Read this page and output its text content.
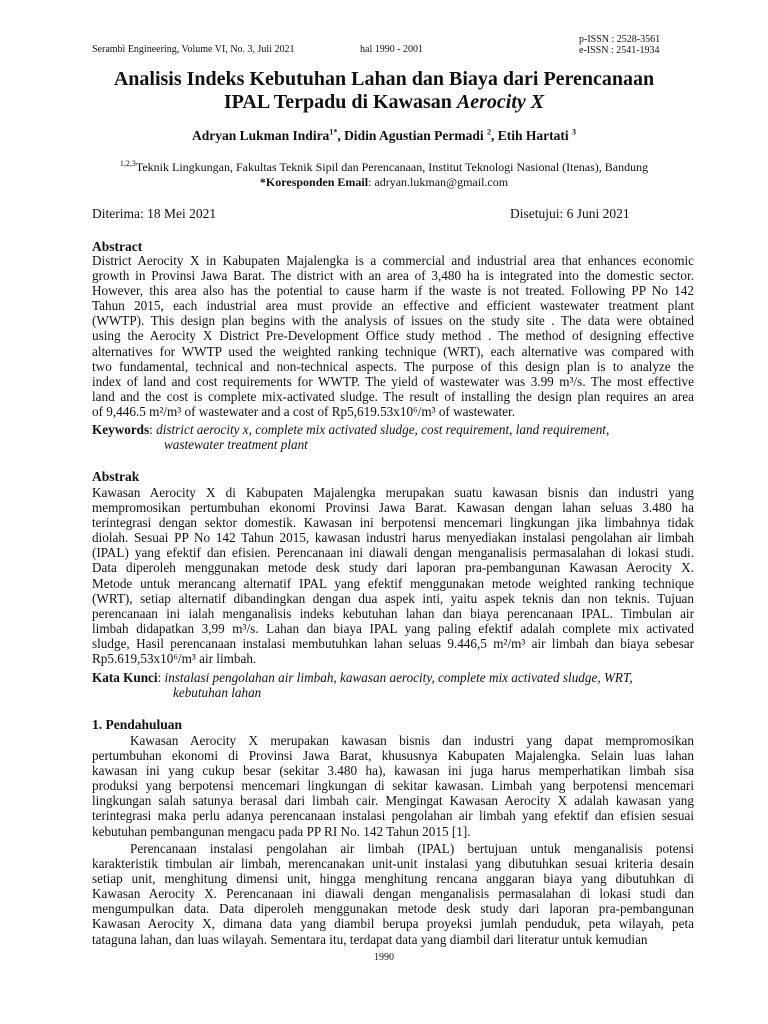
Serambi Engineering, Volume VI, No. 3, Juli 2021	hal 1990 - 2001
p-ISSN : 2528-3561
e-ISSN : 2541-1934
Analisis Indeks Kebutuhan Lahan dan Biaya dari Perencanaan
IPAL Terpadu di Kawasan Aerocity X
Adryan Lukman Indira$^{1*}$, Didin Agustian Permadi $^2$, Etih Hartati $^3$
$^{1,2,3}$Teknik Lingkungan, Fakultas Teknik Sipil dan Perencanaan, Institut Teknologi Nasional (Itenas), Bandung
*Koresponden Email: adryan.lukman@gmail.com
Diterima: 18 Mei 2021	Disetujui: 6 Juni 2021
Abstract
District Aerocity X in Kabupaten Majalengka is a commercial and industrial area that enhances economic
growth in Provinsi Jawa Barat. The district with an area of 3,480 ha is integrated into the domestic sector.
However, this area also has the potential to cause harm if the waste is not treated. Following PP No 142
Tahun 2015, each industrial area must provide an effective and efficient wastewater treatment plant
(WWTP). This design plan begins with the analysis of issues on the study site . The data were obtained
using the Aerocity X District Pre-Development Office study method . The method of designing effective
alternatives for WWTP used the weighted ranking technique (WRT), each alternative was compared with
two fundamental, technical and non-technical aspects. The purpose of this design plan is to analyze the
index of land and cost requirements for WWTP. The yield of wastewater was 3.99 m³/s. The most effective
land and the cost is complete mix-activated sludge. The result of installing the design plan requires an area
of 9,446.5 m²/m³ of wastewater and a cost of Rp5,619.53x10⁶/m³ of wastewater.
Keywords: district aerocity x, complete mix activated sludge, cost requirement, land requirement,
wastewater treatment plant
Abstrak
Kawasan Aerocity X di Kabupaten Majalengka merupakan suatu kawasan bisnis dan industri yang
mempromosikan pertumbuhan ekonomi Provinsi Jawa Barat. Kawasan dengan lahan seluas 3.480 ha
terintegrasi dengan sektor domestik. Kawasan ini berpotensi mencemari lingkungan jika limbahnya tidak
diolah. Sesuai PP No 142 Tahun 2015, kawasan industri harus menyediakan instalasi pengolahan air limbah
(IPAL) yang efektif dan efisien. Perencanaan ini diawali dengan menganalisis permasalahan di lokasi studi.
Data diperoleh menggunakan metode desk study dari laporan pra-pembangunan Kawasan Aerocity X.
Metode untuk merancang alternatif IPAL yang efektif menggunakan metode weighted ranking technique
(WRT), setiap alternatif dibandingkan dengan dua aspek inti, yaitu aspek teknis dan non teknis. Tujuan
perencanaan ini ialah menganalisis indeks kebutuhan lahan dan biaya perencanaan IPAL. Timbulan air
limbah didapatkan 3,99 m³/s. Lahan dan biaya IPAL yang paling efektif adalah complete mix activated
sludge, Hasil perencanaan instalasi membutuhkan lahan seluas 9.446,5 m²/m³ air limbah dan biaya sebesar
Rp5.619,53x10⁶/m³ air limbah.
Kata Kunci: instalasi pengolahan air limbah, kawasan aerocity, complete mix activated sludge, WRT,
kebutuhan lahan
1. Pendahuluan
Kawasan Aerocity X merupakan kawasan bisnis dan industri yang dapat mempromosikan
pertumbuhan ekonomi di Provinsi Jawa Barat, khususnya Kabupaten Majalengka. Selain luas lahan
kawasan ini yang cukup besar (sekitar 3.480 ha), kawasan ini juga harus memperhatikan limbah sisa
produksi yang berpotensi mencemari lingkungan di sekitar kawasan. Limbah yang berpotensi mencemari
lingkungan salah satunya berasal dari limbah cair. Mengingat Kawasan Aerocity X adalah kawasan yang
terintegrasi maka perlu adanya perencanaan instalasi pengolahan air limbah yang efektif dan efisien sesuai
kebutuhan pembangunan mengacu pada PP RI No. 142 Tahun 2015 [1].
Perencanaan instalasi pengolahan air limbah (IPAL) bertujuan untuk menganalisis potensi
karakteristik timbulan air limbah, merencanakan unit-unit instalasi yang dibutuhkan sesuai kriteria desain
setiap unit, menghitung dimensi unit, hingga menghitung rencana anggaran biaya yang dibutuhkan di
Kawasan Aerocity X. Perencanaan ini diawali dengan menganalisis permasalahan di lokasi studi dan
mengumpulkan data. Data diperoleh menggunakan metode desk study dari laporan pra-pembangunan
Kawasan Aerocity X, dimana data yang diambil berupa proyeksi jumlah penduduk, peta wilayah, peta
tataguna lahan, dan luas wilayah. Sementara itu, terdapat data yang diambil dari literatur untuk kemudian
1990
